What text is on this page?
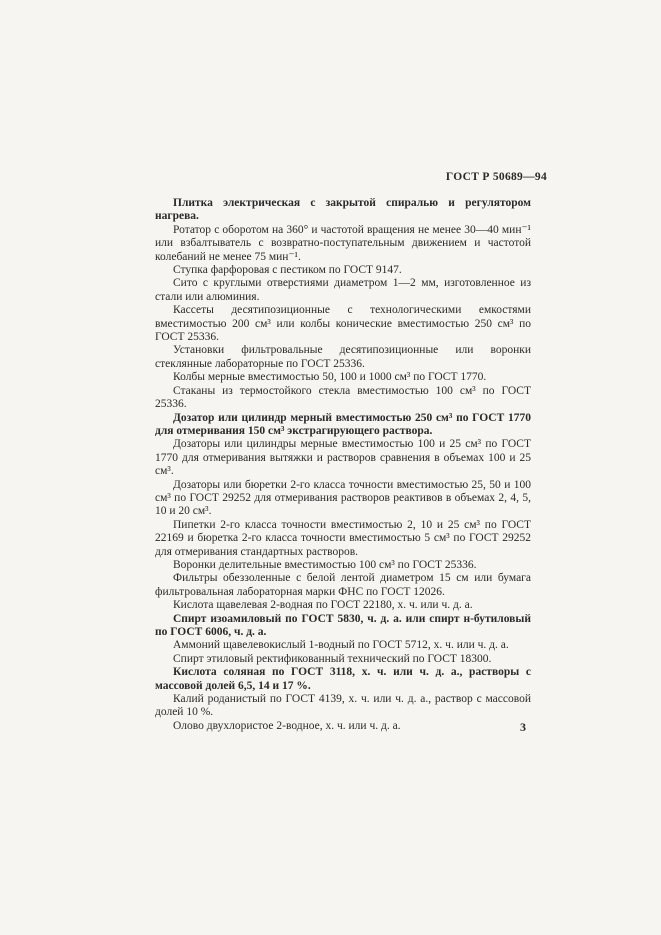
ГОСТ Р 50689—94

Плитка электрическая с закрытой спиралью и регулятором нагрева.

Ротатор с оборотом на 360° и частотой вращения не менее 30—40 мин⁻¹ или взбалтыватель с возвратно-поступательным движением и частотой колебаний не менее 75 мин⁻¹.

Ступка фарфоровая с пестиком по ГОСТ 9147.

Сито с круглыми отверстиями диаметром 1—2 мм, изготовленное из стали или алюминия.

Кассеты десятипозиционные с технологическими емкостями вместимостью 200 см³ или колбы конические вместимостью 250 см³ по ГОСТ 25336.

Установки фильтровальные десятипозиционные или воронки стеклянные лабораторные по ГОСТ 25336.

Колбы мерные вместимостью 50, 100 и 1000 см³ по ГОСТ 1770.

Стаканы из термостойкого стекла вместимостью 100 см³ по ГОСТ 25336.

Дозатор или цилиндр мерный вместимостью 250 см³ по ГОСТ 1770 для отмеривания 150 см³ экстрагирующего раствора.

Дозаторы или цилиндры мерные вместимостью 100 и 25 см³ по ГОСТ 1770 для отмеривания вытяжки и растворов сравнения в объемах 100 и 25 см³.

Дозаторы или бюретки 2-го класса точности вместимостью 25, 50 и 100 см³ по ГОСТ 29252 для отмеривания растворов реактивов в объемах 2, 4, 5, 10 и 20 см³.

Пипетки 2-го класса точности вместимостью 2, 10 и 25 см³ по ГОСТ 22169 и бюретка 2-го класса точности вместимостью 5 см³ по ГОСТ 29252 для отмеривания стандартных растворов.

Воронки делительные вместимостью 100 см³ по ГОСТ 25336.

Фильтры обеззоленные с белой лентой диаметром 15 см или бумага фильтровальная лабораторная марки ФНС по ГОСТ 12026.

Кислота щавелевая 2-водная по ГОСТ 22180, х. ч. или ч. д. а.

Спирт изоамиловый по ГОСТ 5830, ч. д. а. или спирт н-бутиловый по ГОСТ 6006, ч. д. а.

Аммоний щавелевокислый 1-водный по ГОСТ 5712, х. ч. или ч. д. а.

Спирт этиловый ректификованный технический по ГОСТ 18300.

Кислота соляная по ГОСТ 3118, х. ч. или ч. д. а., растворы с массовой долей 6,5, 14 и 17 %.

Калий роданистый по ГОСТ 4139, х. ч. или ч. д. а., раствор с массовой долей 10 %.

Олово двухлористое 2-водное, х. ч. или ч. д. а.	3
